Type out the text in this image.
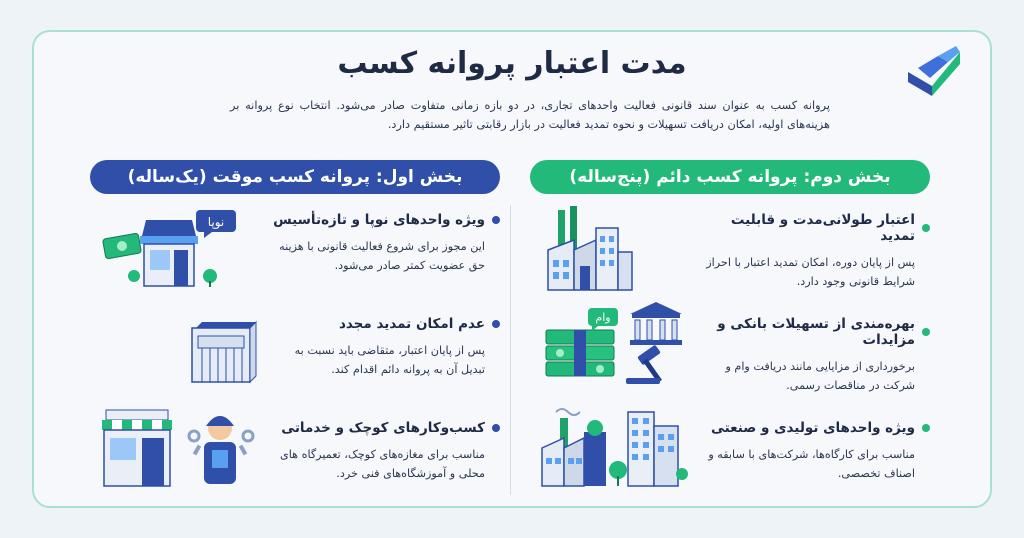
مدت اعتبار پروانه کسب
پروانه کسب به عنوان سند قانونی فعالیت واحدهای تجاری، در دو بازه زمانی متفاوت صادر می‌شود. انتخاب نوع پروانه بر هزینه‌های اولیه، امکان دریافت تسهیلات و نحوه تمدید فعالیت در بازار رقابتی تاثیر مستقیم دارد.
بخش دوم: پروانه کسب دائم (پنج‌ساله)
بخش اول: پروانه کسب موقت (یک‌ساله)
اعتبار طولانی‌مدت و قابلیت تمدید

پس از پایان دوره، امکان تمدید اعتبار با احراز شرایط قانونی وجود دارد.

بهره‌مندی از تسهیلات بانکی و مزایدات

برخورداری از مزایایی مانند دریافت وام و شرکت در مناقصات رسمی.

ویژه واحدهای تولیدی و صنعتی

مناسب برای کارگاه‌ها، شرکت‌های با سابقه و اصناف تخصصی.

ویژه واحدهای نوپا و تازه‌تأسیس

این مجوز برای شروع فعالیت قانونی با هزینه حق عضویت کمتر صادر می‌شود.

عدم امکان تمدید مجدد

پس از پایان اعتبار، متقاضی باید نسبت به تبدیل آن به پروانه دائم اقدام کند.

کسب‌وکارهای کوچک و خدماتی

مناسب برای مغازه‌های کوچک، تعمیرگاه های محلی و آموزشگاه‌های فنی خرد.

وام
نوپا
